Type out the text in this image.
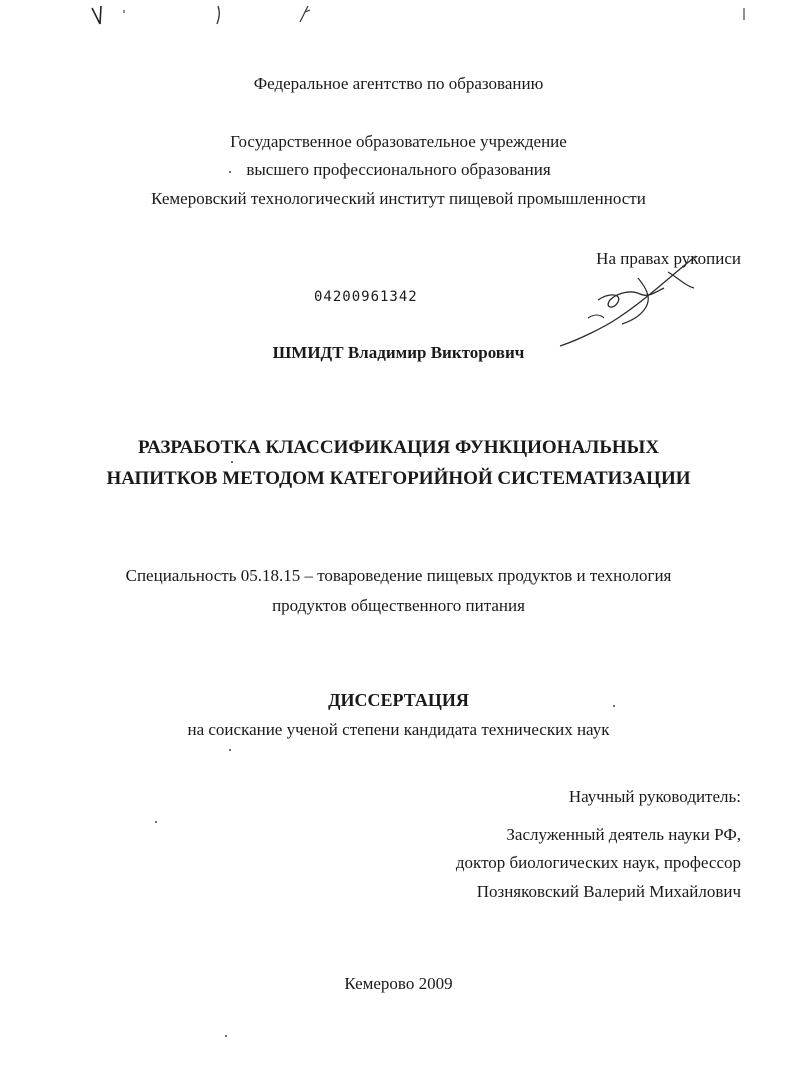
Федеральное агентство по образованию
Государственное образовательное учреждение
высшего профессионального образования
Кемеровский технологический институт пищевой промышленности
На правах рукописи
04200961342
ШМИДТ Владимир Викторович
РАЗРАБОТКА КЛАССИФИКАЦИЯ ФУНКЦИОНАЛЬНЫХ
НАПИТКОВ МЕТОДОМ КАТЕГОРИЙНОЙ СИСТЕМАТИЗАЦИИ
Специальность 05.18.15 – товароведение пищевых продуктов и технология
продуктов общественного питания
ДИССЕРТАЦИЯ
на соискание ученой степени кандидата технических наук
Научный руководитель:
Заслуженный деятель науки РФ,
доктор биологических наук, профессор
Позняковский Валерий Михайлович
Кемерово 2009
